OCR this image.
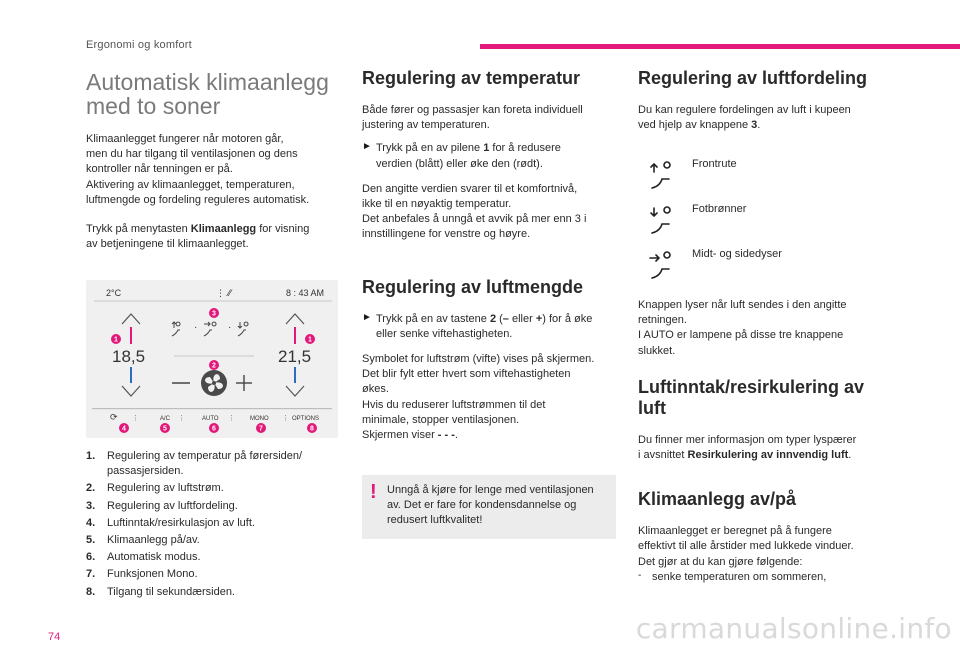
Ergonomi og komfort
Automatisk klimaanlegg
med to soner

Klimaanlegget fungerer når motoren går,
men du har tilgang til ventilasjonen og dens
kontroller når tenningen er på.
Aktivering av klimaanlegget, temperaturen,
luftmengde og fordeling reguleres automatisk.

Trykk på menytasten Klimaanlegg for visning
av betjeningene til klimaanlegget.

2°C	⋮ ⁄⁄	8 : 43 AM
18,5	21,5
·	·
⟳ ⋮	A/C ⋮	AUTO ⋮	MONO ⋮ OPTIONS
1	1
2
3
4	5	6	7	8
1.	Regulering av temperatur på førersiden/
passasjersiden.
2.	Regulering av luftstrøm.
3.	Regulering av luftfordeling.
4.	Luftinntak/resirkulasjon av luft.
5.	Klimaanlegg på/av.
6.	Automatisk modus.
7.	Funksjonen Mono.
8.	Tilgang til sekundærsiden.
Regulering av temperatur

Både fører og passasjer kan foreta individuell
justering av temperaturen.

► Trykk på en av pilene 1 for å redusere
verdien (blått) eller øke den (rødt).

Den angitte verdien svarer til et komfortnivå,
ikke til en nøyaktig temperatur.
Det anbefales å unngå et avvik på mer enn 3 i
innstillingene for venstre og høyre.

Regulering av luftmengde
► Trykk på en av tastene 2 (– eller +) for å øke
eller senke viftehastigheten.

Symbolet for luftstrøm (vifte) vises på skjermen.
Det blir fylt etter hvert som viftehastigheten
økes.
Hvis du reduserer luftstrømmen til det
minimale, stopper ventilasjonen.
Skjermen viser - - -.

! Unngå å kjøre for lenge med ventilasjonen
av. Det er fare for kondensdannelse og
redusert luftkvalitet!
Regulering av luftfordeling

Du kan regulere fordelingen av luft i kupeen
ved hjelp av knappene 3.

Frontrute
Fotbrønner
Midt- og sidedyser

Knappen lyser når luft sendes i den angitte
retningen.
I AUTO er lampene på disse tre knappene
slukket.

Luftinntak/resirkulering av
luft

Du finner mer informasjon om typer lyspærer
i avsnittet Resirkulering av innvendig luft.

Klimaanlegg av/på

Klimaanlegget er beregnet på å fungere
effektivt til alle årstider med lukkede vinduer.
Det gjør at du kan gjøre følgende:

- senke temperaturen om sommeren,

74	carmanualsonline.info
